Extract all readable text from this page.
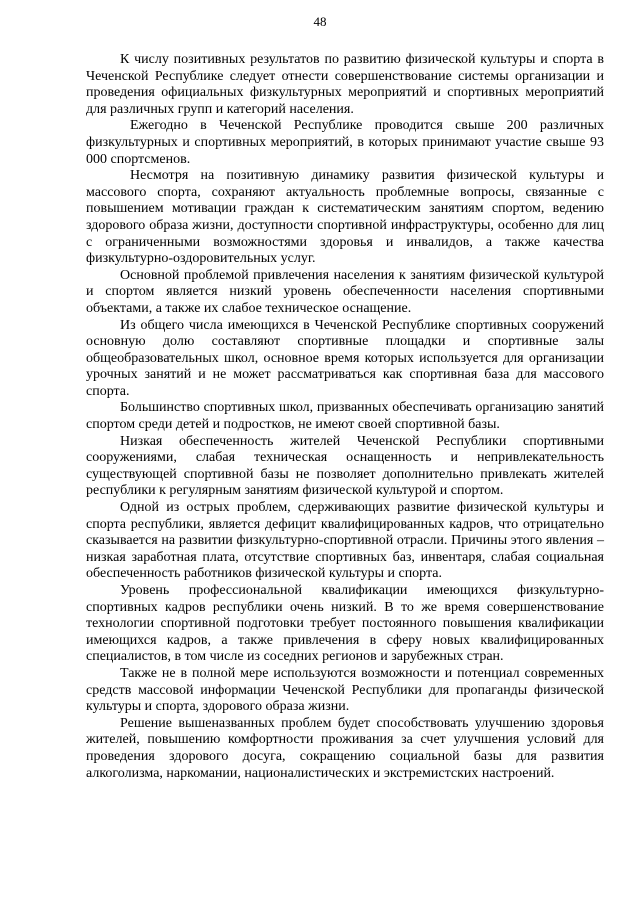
48

К числу позитивных результатов по развитию физической культуры и спорта в Чеченской Республике следует отнести совершенствование системы организации и проведения официальных физкультурных мероприятий и спортивных мероприятий для различных групп и категорий населения.

Ежегодно в Чеченской Республике проводится свыше 200 различных физкультурных и спортивных мероприятий, в которых принимают участие свыше 93 000 спортсменов.

Несмотря на позитивную динамику развития физической культуры и массового спорта, сохраняют актуальность проблемные вопросы, связанные с повышением мотивации граждан к систематическим занятиям спортом, ведению здорового образа жизни, доступности спортивной инфраструктуры, особенно для лиц с ограниченными возможностями здоровья и инвалидов, а также качества физкультурно-оздоровительных услуг.

Основной проблемой привлечения населения к занятиям физической культурой и спортом является низкий уровень обеспеченности населения спортивными объектами, а также их слабое техническое оснащение.

Из общего числа имеющихся в Чеченской Республике спортивных сооружений основную долю составляют спортивные площадки и спортивные залы общеобразовательных школ, основное время которых используется для организации урочных занятий и не может рассматриваться как спортивная база для массового спорта.

Большинство спортивных школ, призванных обеспечивать организацию занятий спортом среди детей и подростков, не имеют своей спортивной базы.

Низкая обеспеченность жителей Чеченской Республики спортивными сооружениями, слабая техническая оснащенность и непривлекательность существующей спортивной базы не позволяет дополнительно привлекать жителей республики к регулярным занятиям физической культурой и спортом.

Одной из острых проблем, сдерживающих развитие физической культуры и спорта республики, является дефицит квалифицированных кадров, что отрицательно сказывается на развитии физкультурно-спортивной отрасли. Причины этого явления – низкая заработная плата, отсутствие спортивных баз, инвентаря, слабая социальная обеспеченность работников физической культуры и спорта.

Уровень профессиональной квалификации имеющихся физкультурно-спортивных кадров республики очень низкий. В то же время совершенствование технологии спортивной подготовки требует постоянного повышения квалификации имеющихся кадров, а также привлечения в сферу новых квалифицированных специалистов, в том числе из соседних регионов и зарубежных стран.

Также не в полной мере используются возможности и потенциал современных средств массовой информации Чеченской Республики для пропаганды физической культуры и спорта, здорового образа жизни.

Решение вышеназванных проблем будет способствовать улучшению здоровья жителей, повышению комфортности проживания за счет улучшения условий для проведения здорового досуга, сокращению социальной базы для развития алкоголизма, наркомании, националистических и экстремистских настроений.
